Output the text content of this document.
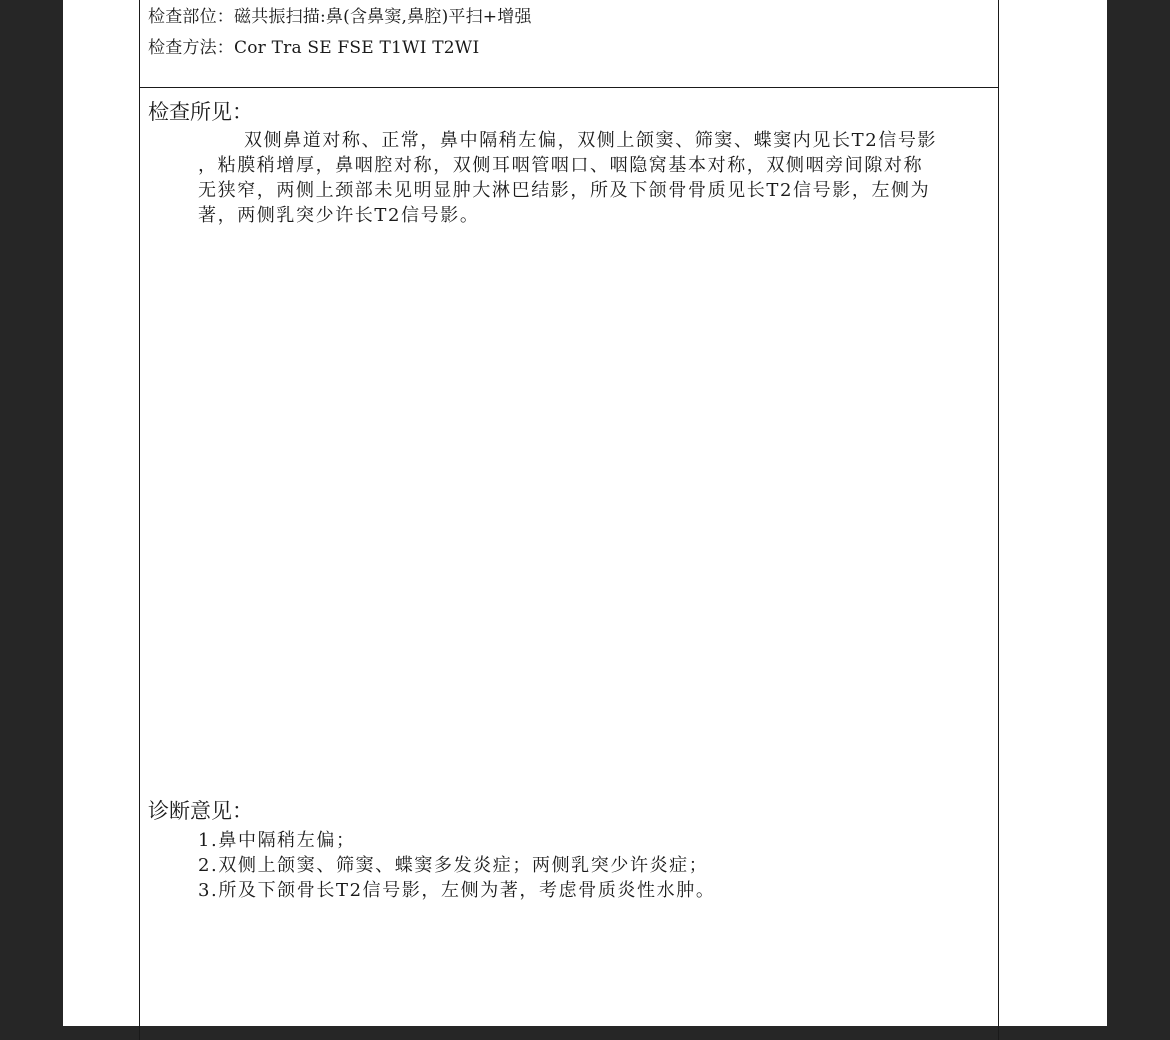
检查部位：磁共振扫描:鼻(含鼻窦,鼻腔)平扫+增强
检查方法：Cor Tra SE FSE T1WI T2WI
检查所见：
双侧鼻道对称、正常，鼻中隔稍左偏，双侧上颌窦、筛窦、蝶窦内见长T2信号影
，粘膜稍增厚，鼻咽腔对称，双侧耳咽管咽口、咽隐窝基本对称，双侧咽旁间隙对称
无狭窄，两侧上颈部未见明显肿大淋巴结影，所及下颌骨骨质见长T2信号影，左侧为
著，两侧乳突少许长T2信号影。
诊断意见：
1.鼻中隔稍左偏；
2.双侧上颌窦、筛窦、蝶窦多发炎症；两侧乳突少许炎症；
3.所及下颌骨长T2信号影，左侧为著，考虑骨质炎性水肿。
